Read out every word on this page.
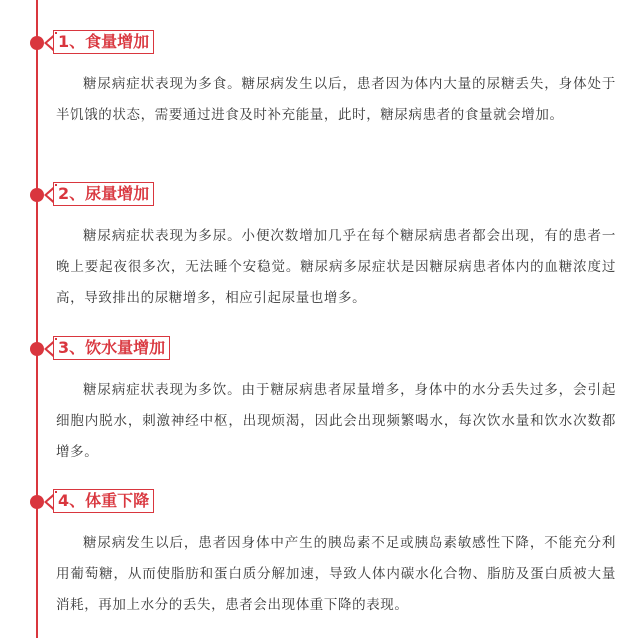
1、食量增加

糖尿病症状表现为多食。糖尿病发生以后，患者因为体内大量的尿糖丢失，身体处于半饥饿的状态，需要通过进食及时补充能量，此时，糖尿病患者的食量就会增加。

2、尿量增加

糖尿病症状表现为多尿。小便次数增加几乎在每个糖尿病患者都会出现，有的患者一晚上要起夜很多次，无法睡个安稳觉。糖尿病多尿症状是因糖尿病患者体内的血糖浓度过高，导致排出的尿糖增多，相应引起尿量也增多。

3、饮水量增加

糖尿病症状表现为多饮。由于糖尿病患者尿量增多，身体中的水分丢失过多，会引起细胞内脱水，刺激神经中枢，出现烦渴，因此会出现频繁喝水，每次饮水量和饮水次数都增多。

4、体重下降

糖尿病发生以后，患者因身体中产生的胰岛素不足或胰岛素敏感性下降，不能充分利用葡萄糖，从而使脂肪和蛋白质分解加速，导致人体内碳水化合物、脂肪及蛋白质被大量消耗，再加上水分的丢失，患者会出现体重下降的表现。
